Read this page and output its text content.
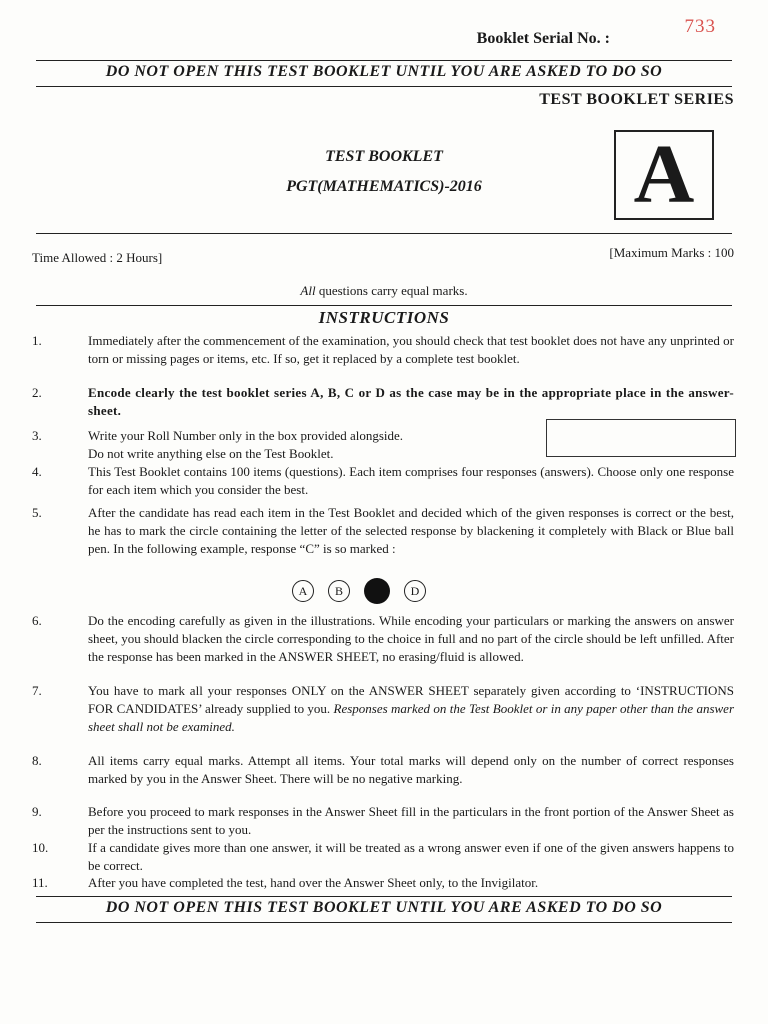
Booklet Serial No. :
733
DO NOT OPEN THIS TEST BOOKLET UNTIL YOU ARE ASKED TO DO SO
TEST BOOKLET SERIES
TEST BOOKLET
PGT(MATHEMATICS)-2016	A
Time Allowed : 2 Hours]	[Maximum Marks : 100
All questions carry equal marks.
INSTRUCTIONS
1.	Immediately after the commencement of the examination, you should check that test booklet does not have any unprinted or torn or missing pages or items, etc. If so, get it replaced by a complete test booklet.
2.	Encode clearly the test booklet series A, B, C or D as the case may be in the appropriate place in the answer-sheet.
3.	Write your Roll Number only in the box provided alongside.
Do not write anything else on the Test Booklet.
4.	This Test Booklet contains 100 items (questions). Each item comprises four responses (answers). Choose only one response for each item which you consider the best.
5.	After the candidate has read each item in the Test Booklet and decided which of the given responses is correct or the best, he has to mark the circle containing the letter of the selected response by blackening it completely with Black or Blue ball pen. In the following example, response “C” is so marked :
A	B	D
6.	Do the encoding carefully as given in the illustrations. While encoding your particulars or marking the answers on answer sheet, you should blacken the circle corresponding to the choice in full and no part of the circle should be left unfilled. After the response has been marked in the ANSWER SHEET, no erasing/fluid is allowed.
7.	You have to mark all your responses ONLY on the ANSWER SHEET separately given according to ‘INSTRUCTIONS FOR CANDIDATES’ already supplied to you. Responses marked on the Test Booklet or in any paper other than the answer sheet shall not be examined.
8.	All items carry equal marks. Attempt all items. Your total marks will depend only on the number of correct responses marked by you in the Answer Sheet. There will be no negative marking.
9.	Before you proceed to mark responses in the Answer Sheet fill in the particulars in the front portion of the Answer Sheet as per the instructions sent to you.
10.	If a candidate gives more than one answer, it will be treated as a wrong answer even if one of the given answers happens to be correct.
11.	After you have completed the test, hand over the Answer Sheet only, to the Invigilator.
DO NOT OPEN THIS TEST BOOKLET UNTIL YOU ARE ASKED TO DO SO
